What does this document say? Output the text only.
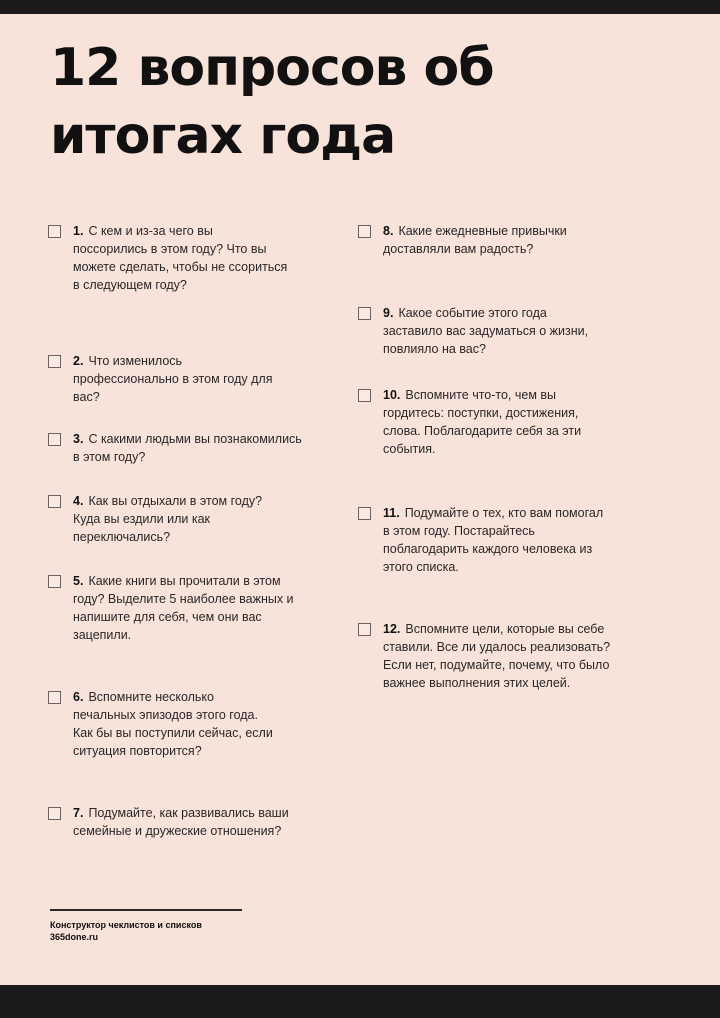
12 вопросов об
итогах года
1. С кем и из-за чего вы поссорились в этом году? Что вы можете сделать, чтобы не ссориться в следующем году?
2. Что изменилось профессионально в этом году для вас?
3. С какими людьми вы познакомились в этом году?
4. Как вы отдыхали в этом году? Куда вы ездили или как переключались?
5. Какие книги вы прочитали в этом году? Выделите 5 наиболее важных и напишите для себя, чем они вас зацепили.
6. Вспомните несколько печальных эпизодов этого года. Как бы вы поступили сейчас, если ситуация повторится?
7. Подумайте, как развивались ваши семейные и дружеские отношения?
8. Какие ежедневные привычки доставляли вам радость?
9. Какое событие этого года заставило вас задуматься о жизни, повлияло на вас?
10. Вспомните что-то, чем вы гордитесь: поступки, достижения, слова. Поблагодарите себя за эти события.
11. Подумайте о тех, кто вам помогал в этом году. Постарайтесь поблагодарить каждого человека из этого списка.
12. Вспомните цели, которые вы себе ставили. Все ли удалось реализовать? Если нет, подумайте, почему, что было важнее выполнения этих целей.
Конструктор чеклистов и списков
365done.ru
